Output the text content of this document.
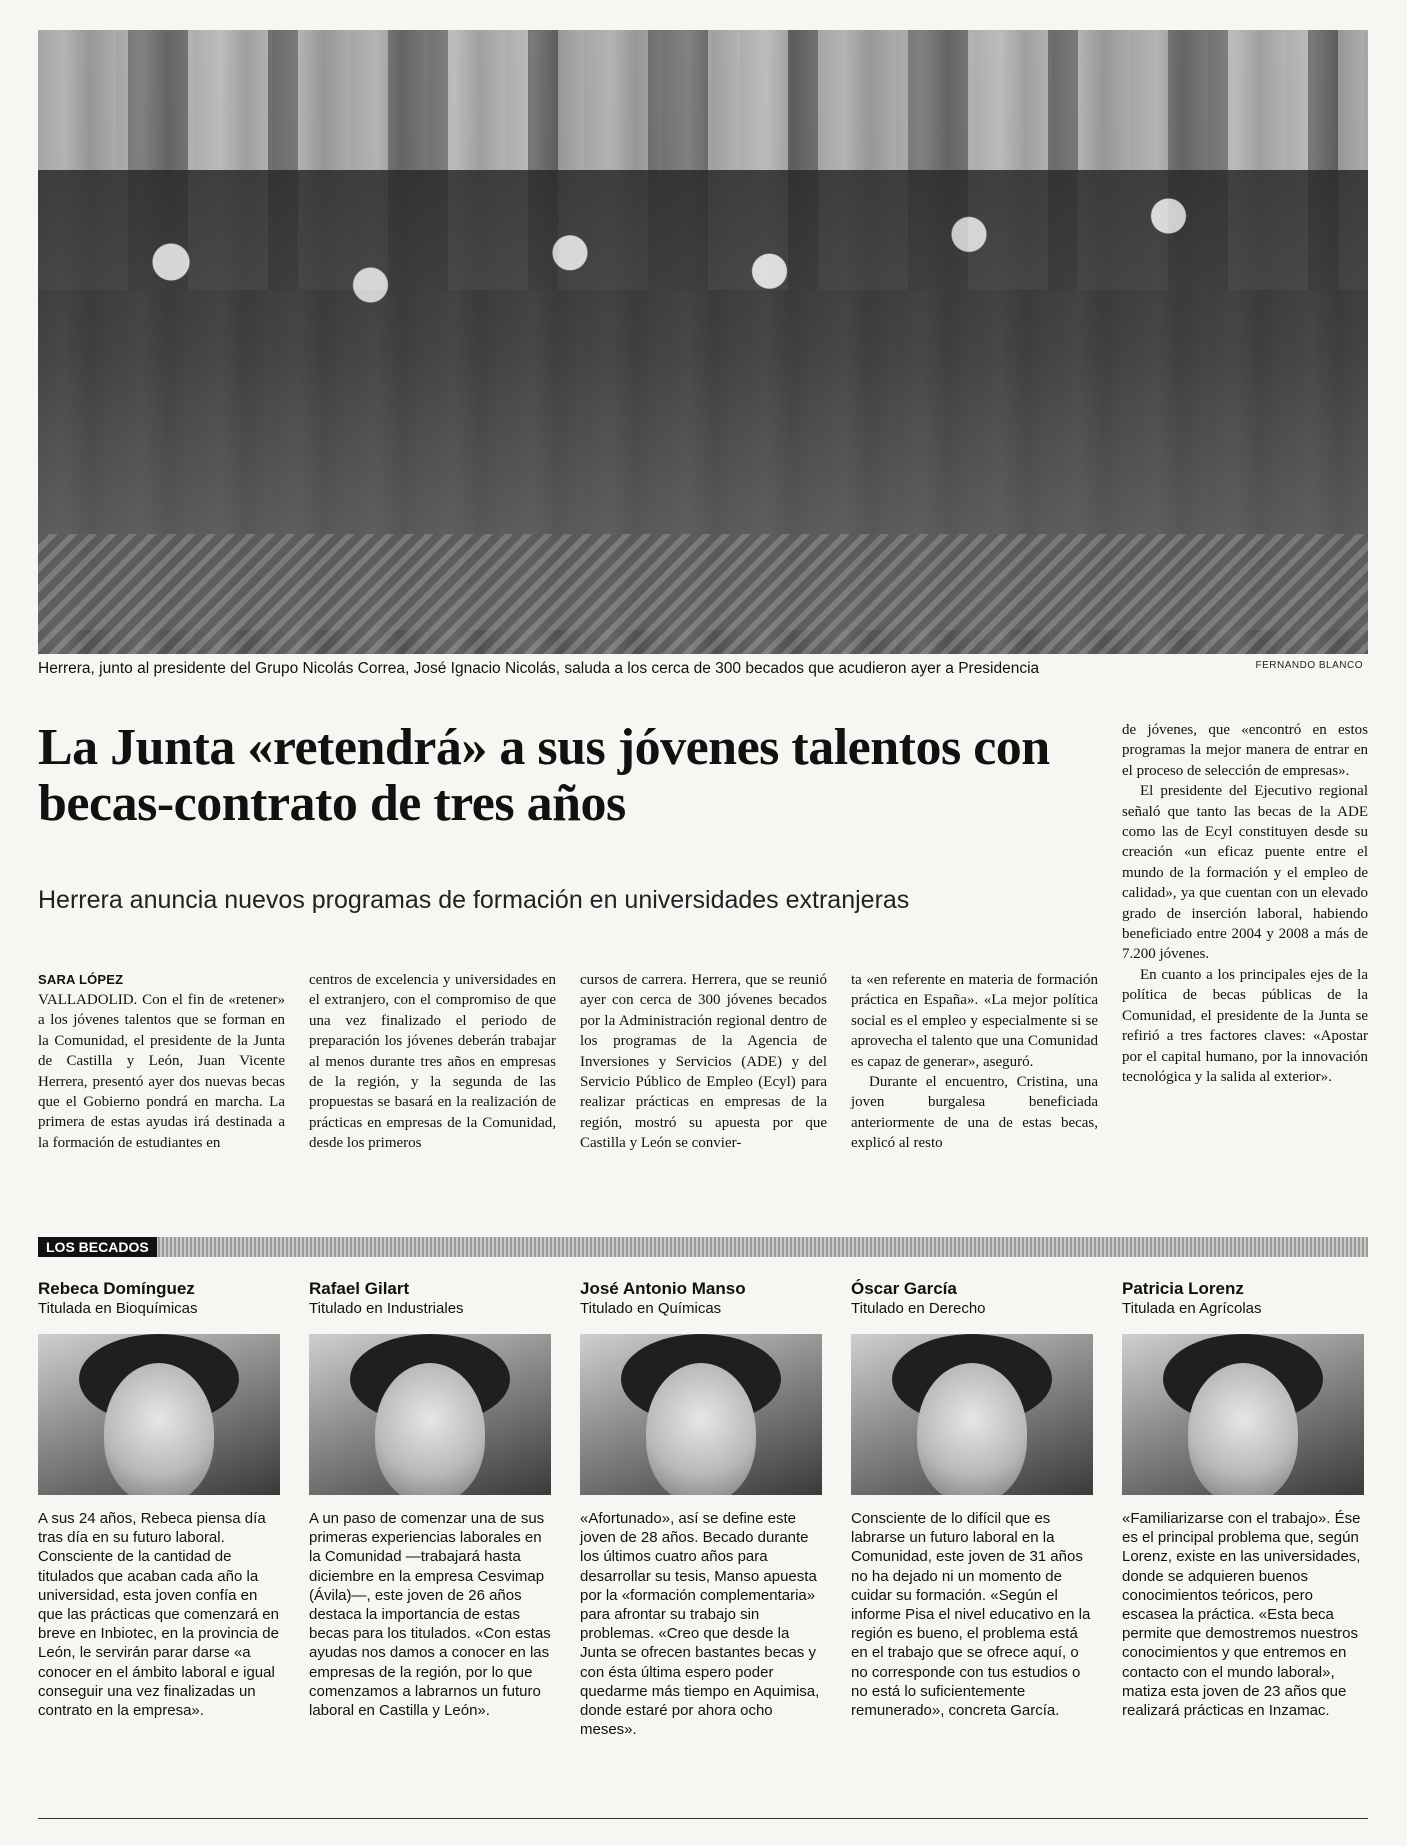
Herrera, junto al presidente del Grupo Nicolás Correa, José Ignacio Nicolás, saluda a los cerca de 300 becados que acudieron ayer a Presidencia	FERNANDO BLANCO
La Junta «retendrá» a sus jóvenes talentos con becas-contrato de tres años
Herrera anuncia nuevos programas de formación en universidades extranjeras
SARA LÓPEZ

VALLADOLID. Con el fin de «retener» a los jóvenes talentos que se forman en la Comunidad, el presidente de la Junta de Castilla y León, Juan Vicente Herrera, presentó ayer dos nuevas becas que el Gobierno pondrá en marcha. La primera de estas ayudas irá destinada a la formación de estudiantes en

centros de excelencia y universidades en el extranjero, con el compromiso de que una vez finalizado el periodo de preparación los jóvenes deberán trabajar al menos durante tres años en empresas de la región, y la segunda de las propuestas se basará en la realización de prácticas en empresas de la Comunidad, desde los primeros

cursos de carrera. Herrera, que se reunió ayer con cerca de 300 jóvenes becados por la Administración regional dentro de los programas de la Agencia de Inversiones y Servicios (ADE) y del Servicio Público de Empleo (Ecyl) para realizar prácticas en empresas de la región, mostró su apuesta por que Castilla y León se convier-

ta «en referente en materia de formación práctica en España». «La mejor política social es el empleo y especialmente si se aprovecha el talento que una Comunidad es capaz de generar», aseguró.

Durante el encuentro, Cristina, una joven burgalesa beneficiada anteriormente de una de estas becas, explicó al resto

de jóvenes, que «encontró en estos programas la mejor manera de entrar en el proceso de selección de empresas».

El presidente del Ejecutivo regional señaló que tanto las becas de la ADE como las de Ecyl constituyen desde su creación «un eficaz puente entre el mundo de la formación y el empleo de calidad», ya que cuentan con un elevado grado de inserción laboral, habiendo beneficiado entre 2004 y 2008 a más de 7.200 jóvenes.

En cuanto a los principales ejes de la política de becas públicas de la Comunidad, el presidente de la Junta se refirió a tres factores claves: «Apostar por el capital humano, por la innovación tecnológica y la salida al exterior».

LOS BECADOS
Rebeca Domínguez
Titulada en Bioquímicas
A sus 24 años, Rebeca piensa día tras día en su futuro laboral. Consciente de la cantidad de titulados que acaban cada año la universidad, esta joven confía en que las prácticas que comenzará en breve en Inbiotec, en la provincia de León, le servirán parar darse «a conocer en el ámbito laboral e igual conseguir una vez finalizadas un contrato en la empresa».
Rafael Gilart
Titulado en Industriales
A un paso de comenzar una de sus primeras experiencias laborales en la Comunidad —trabajará hasta diciembre en la empresa Cesvimap (Ávila)—, este joven de 26 años destaca la importancia de estas becas para los titulados. «Con estas ayudas nos damos a conocer en las empresas de la región, por lo que comenzamos a labrarnos un futuro laboral en Castilla y León».
José Antonio Manso
Titulado en Químicas
«Afortunado», así se define este joven de 28 años. Becado durante los últimos cuatro años para desarrollar su tesis, Manso apuesta por la «formación complementaria» para afrontar su trabajo sin problemas. «Creo que desde la Junta se ofrecen bastantes becas y con ésta última espero poder quedarme más tiempo en Aquimisa, donde estaré por ahora ocho meses».
Óscar García
Titulado en Derecho
Consciente de lo difícil que es labrarse un futuro laboral en la Comunidad, este joven de 31 años no ha dejado ni un momento de cuidar su formación. «Según el informe Pisa el nivel educativo en la región es bueno, el problema está en el trabajo que se ofrece aquí, o no corresponde con tus estudios o no está lo suficientemente remunerado», concreta García.
Patricia Lorenz
Titulada en Agrícolas
«Familiarizarse con el trabajo». Ése es el principal problema que, según Lorenz, existe en las universidades, donde se adquieren buenos conocimientos teóricos, pero escasea la práctica. «Esta beca permite que demostremos nuestros conocimientos y que entremos en contacto con el mundo laboral», matiza esta joven de 23 años que realizará prácticas en Inzamac.
